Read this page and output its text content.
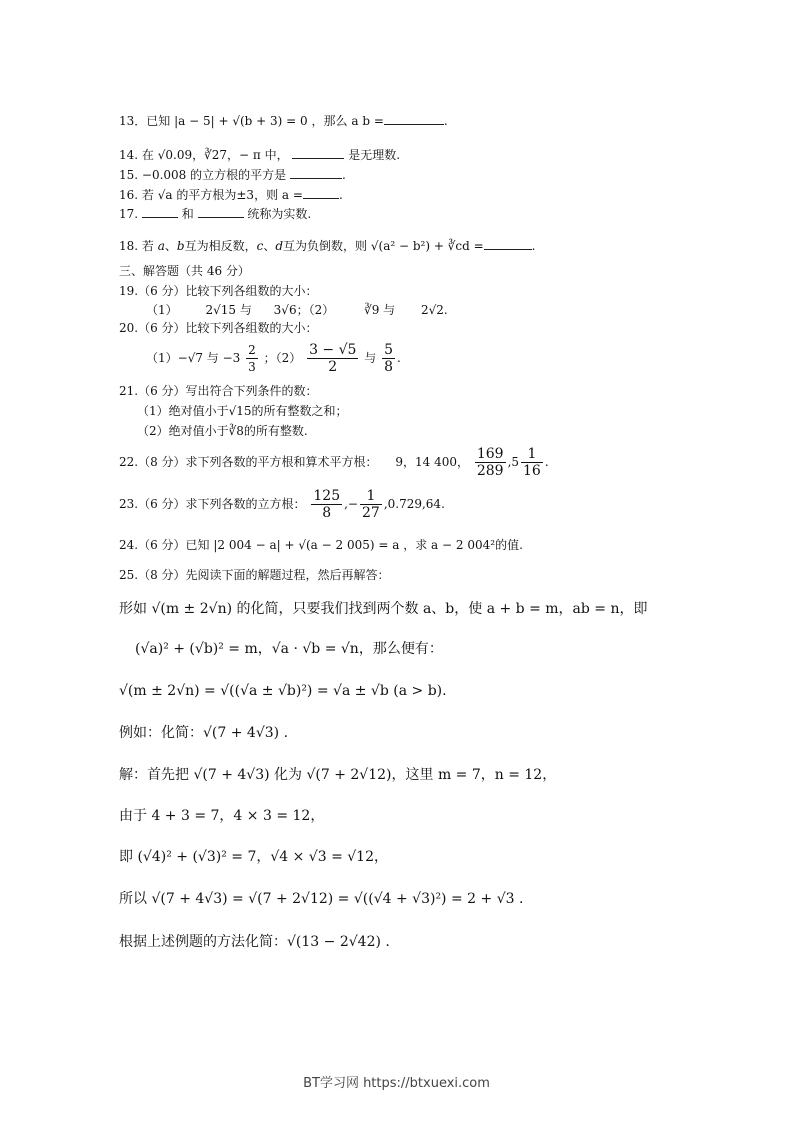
13．已知 |a − 5| + √(b + 3) = 0 ，那么 a b =	.
14. 在 √0.09，∛27，− π 中，	是无理数.
15. −0.008 的立方根的平方是	.
16. 若 √a 的平方根为±3，则 a =	.
17.	和	统称为实数.
18. 若 a、b互为相反数，c、d互为负倒数，则 √(a² − b²) + ∛cd =	.
三、解答题（共 46 分）
19.（6 分）比较下列各组数的大小：
（1） 2√15 与 3√6；（2） ∛9 与 2√2.
20.（6 分）比较下列各组数的大小：
（1）−√7 与 $-3 \frac{2}{3}$ ；$(2) \frac{3 - √5}{2}$ 与 $\frac{5}{8}$ .
21.（6 分）写出符合下列条件的数：
（1）绝对值小于√15的所有整数之和；
（2）绝对值小于∛8的所有整数.
22.（8 分）求下列各数的平方根和算术平方根： 9，14 400， $\frac{169}{289} ,5 \frac{1}{16}$ .
23.（6 分）求下列各数的立方根： $\frac{125}{8}$ ,− $\frac{1}{27} ,0.729,64$.
24.（6 分）已知 |2 004 − a| + √(a − 2 005) = a ，求 a − 2 004²的值.
25.（8 分）先阅读下面的解题过程，然后再解答：
形如 √(m ± 2√n) 的化简，只要我们找到两个数 a、b，使 a + b = m，ab = n，即
(√a)² + (√b)² = m，√a · √b = √n，那么便有：
√(m ± 2√n) = √((√a ± √b)²) = √a ± √b (a > b).
例如：化简：√(7 + 4√3) .
解：首先把 √(7 + 4√3) 化为 √(7 + 2√12)，这里 m = 7，n = 12，
由于 4 + 3 = 7，4 × 3 = 12，
即 (√4)² + (√3)² = 7，√4 × √3 = √12，
所以 √(7 + 4√3) = √(7 + 2√12) = √((√4 + √3)²) = 2 + √3 .
根据上述例题的方法化简：√(13 − 2√42) .
BT学习网 https://btxuexi.com
